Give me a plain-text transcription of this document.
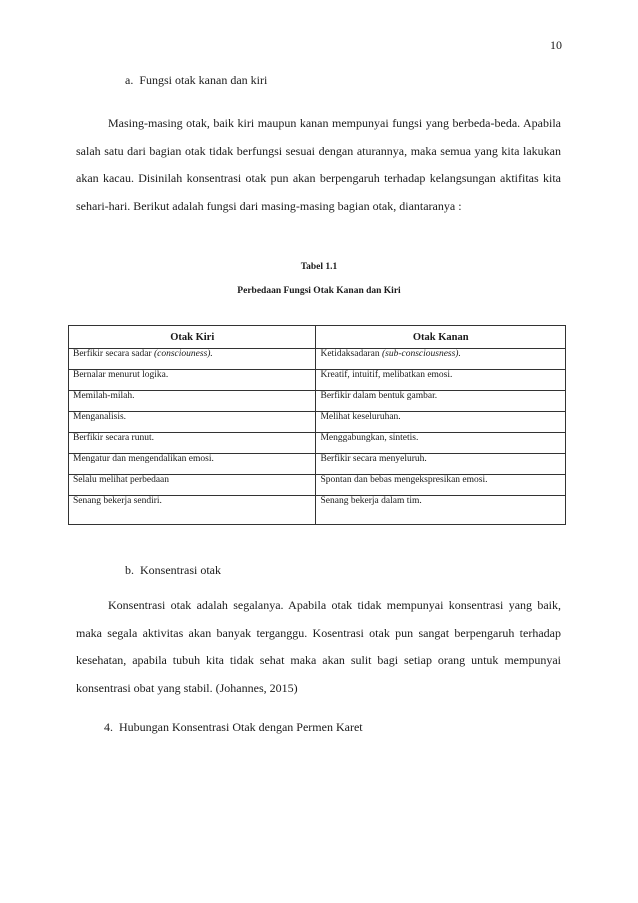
10
a.  Fungsi otak kanan dan kiri
Masing-masing otak, baik kiri maupun kanan mempunyai fungsi yang berbeda-beda. Apabila salah satu dari bagian otak tidak berfungsi sesuai dengan aturannya, maka semua yang kita lakukan akan kacau. Disinilah konsentrasi otak pun akan berpengaruh terhadap kelangsungan aktifitas kita sehari-hari. Berikut adalah fungsi dari masing-masing bagian otak, diantaranya :
Tabel 1.1
Perbedaan Fungsi Otak Kanan dan Kiri
Otak Kiri	Otak Kanan
Berfikir secara sadar (consciouness).	Ketidaksadaran (sub-consciousness).
Bernalar menurut logika.	Kreatif, intuitif, melibatkan emosi.
Memilah-milah.	Berfikir dalam bentuk gambar.
Menganalisis.	Melihat keseluruhan.
Berfikir secara runut.	Menggabungkan, sintetis.
Mengatur dan mengendalikan emosi.	Berfikir secara menyeluruh.
Selalu melihat perbedaan	Spontan dan bebas mengekspresikan emosi.
Senang bekerja sendiri.	Senang bekerja dalam tim.
b.  Konsentrasi otak
Konsentrasi otak adalah segalanya. Apabila otak tidak mempunyai konsentrasi yang baik, maka segala aktivitas akan banyak terganggu. Kosentrasi otak pun sangat berpengaruh terhadap kesehatan, apabila tubuh kita tidak sehat maka akan sulit bagi setiap orang untuk mempunyai konsentrasi obat yang stabil. (Johannes, 2015)
4.  Hubungan Konsentrasi Otak dengan Permen Karet
